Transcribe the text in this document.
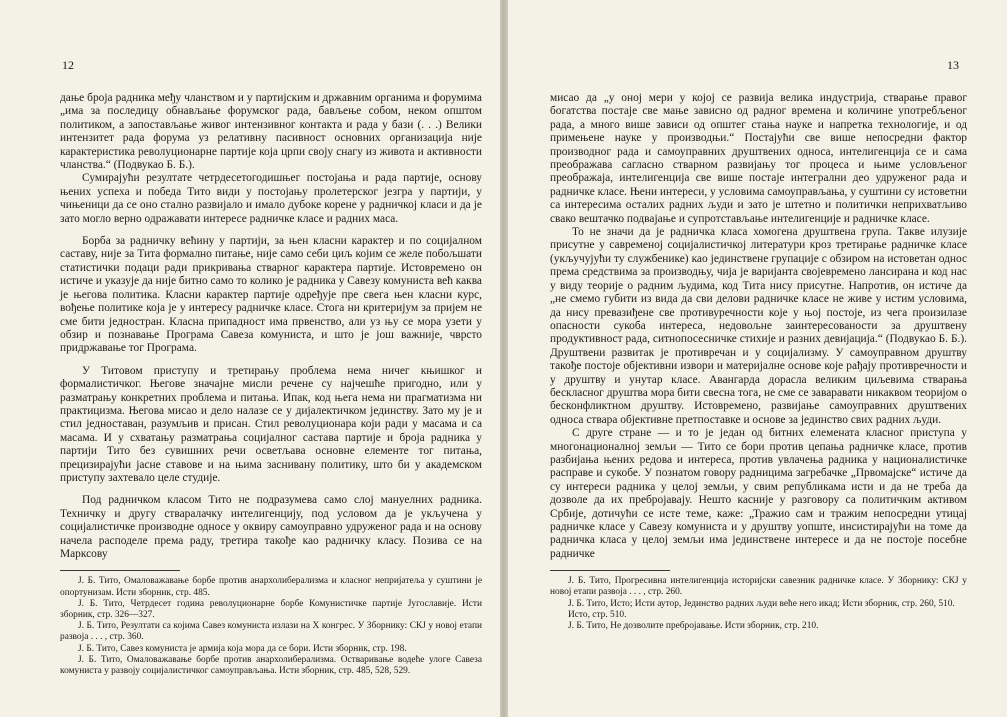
12

дање броја радника међу чланством и у партијским и државним органима и форумима „има за последицу обнављање форумског рада, бављење собом, неком општом политиком, а запостављање живог интензивног контакта и рада у бази (. . .) Велики интензитет рада форума уз релативну пасивност основних организација није карактеристика револуционарне партије која црпи своју снагу из живота и активности чланства.“ (Подвукао Б. Б.).

Сумирајући резултате четрдесетогодишњег постојања и рада партије, основу њених успеха и победа Тито види у постојању пролетерског језгра у партији, у чињеници да се оно стално развијало и имало дубоке корене у радничкој класи и да је зато могло верно одражавати интересе радничке класе и радних маса.

Борба за радничку већину у партији, за њен класни карактер и по социјалном саставу, није за Тита формално питање, није само себи циљ којим се желе побољшати статистички подаци ради прикривања стварног карактера партије. Истовремено он истиче и указује да није битно само то колико је радника у Савезу комуниста већ каква је његова политика. Класни карактер партије одређује пре свега њен класни курс, вођење политике која је у интересу радничке класе. Стога ни критеријум за пријем не сме бити једностран. Класна припадност има првенство, али уз њу се мора узети у обзир и познавање Програма Савеза комуниста, и што је још важније, чврсто придржавање тог Програма.

У Титовом приступу и третирању проблема нема ничег књишког и формалистичког. Његове значајне мисли речене су најчешће пригодно, или у разматрању конкретних проблема и питања. Ипак, код њега нема ни прагматизма ни практицизма. Његова мисао и дело налазе се у дијалектичком јединству. Зато му је и стил једноставан, разумљив и присан. Стил револуционара који ради у масама и са масама. И у схватању разматрања социјалног састава партије и броја радника у партији Тито без сувишних речи осветљава основне елементе тог питања, прецизирајући јасне ставове и на њима заснивану политику, што би у академском приступу захтевало целе студије.

Под радничком класом Тито не подразумева само слој мануелних радника. Техничку и другу стваралачку интелигенцију, под условом да је укључена у социјалистичке производне односе у оквиру самоуправно удруженог рада и на основу начела расподеле према раду, третира такође као радничку класу. Позива се на Марксову

Ј. Б. Тито, Омаловажавање борбе против анархолиберализма и класног непријатеља у суштини је опортунизам. Исти зборник, стр. 485.

Ј. Б. Тито, Четрдесет година револуционарне борбе Комунистичке партије Југославије. Исти зборник, стр. 326—327.

Ј. Б. Тито, Резултати са којима Савез комуниста излази на Х конгрес. У Зборнику: СКЈ у новој етапи развоја . . . , стр. 360.

Ј. Б. Тито, Савез комуниста је армија која мора да се бори. Исти зборник, стр. 198.

Ј. Б. Тито, Омаловажавање борбе против анархолиберализма. Остваривање водеће улоге Савеза комуниста у развоју социјалистичког самоуправљања. Исти зборник, стр. 485, 528, 529.

13

мисао да „у оној мери у којој се развија велика индустрија, стварање правог богатства постаје све мање зависно од радног времена и количине употребљеног рада, а много више зависи од општег стања науке и напретка технологије, и од примењене науке у производњи.“ Постајући све више непосредни фактор производног рада и самоуправних друштвених односа, интелигенција се и сама преображава сагласно стварном развијању тог процеса и њиме условљеног преображаја, интелигенција све више постаје интегрални део удруженог рада и радничке класе. Њени интереси, у условима самоуправљања, у суштини су истоветни са интересима осталих радних људи и зато је штетно и политички неприхватљиво свако вештачко подвајање и супротстављање интелигенције и радничке класе.

То не значи да је радничка класа хомогена друштвена група. Такве илузије присутне у савременој социјалистичкој литератури кроз третирање радничке класе (укључујући ту службенике) као јединствене групације с обзиром на истоветан однос према средствима за производњу, чија је варијанта својевремено лансирана и код нас у виду теорије о радним људима, код Тита нису присутне. Напротив, он истиче да „не смемо губити из вида да сви делови радничке класе не живе у истим условима, да нису превазиђене све противуречности које у њој постоје, из чега произилазе опасности сукоба интереса, недовољне заинтересованости за друштвену продуктивност рада, ситнопосесничке стихије и разних девијација.“ (Подвукао Б. Б.). Друштвени развитак је противречан и у социјализму. У самоуправном друштву такође постоје објективни извори и материјалне основе које рађају противречности и у друштву и унутар класе. Авангарда дорасла великим циљевима стварања бескласног друштва мора бити свесна тога, не сме се заваравати никаквом теоријом о бесконфликтном друштву. Истовремено, развијање самоуправних друштвених односа ствара објективне претпоставке и основе за јединство свих радних људи.

С друге стране — и то је један од битних елемената класног приступа у многонационалној земљи — Тито се бори против цепања радничке класе, против разбијања њених редова и интереса, против увлачења радника у националистичке расправе и сукобе. У познатом говору радницима загребачке „Првомајске“ истиче да су интереси радника у целој земљи, у свим републикама исти и да не треба да дозволе да их пребројавају. Нешто касније у разговору са политичким активом Србије, дотичући се исте теме, каже: „Тражио сам и тражим непосредни утицај радничке класе у Савезу комуниста и у друштву уопште, инсистирајући на томе да радничка класа у целој земљи има јединствене интересе и да не постоје посебне радничке

Ј. Б. Тито, Прогресивна интелигенција историјски савезник радничке класе. У Зборнику: СКЈ у новој етапи развоја . . . , стр. 260.

Ј. Б. Тито, Исто; Исти аутор, Јединство радних људи веће него икад; Исти зборник, стр. 260, 510.

Исто, стр. 510.

Ј. Б. Тито, Не дозволите пребројавање. Исти зборник, стр. 210.
